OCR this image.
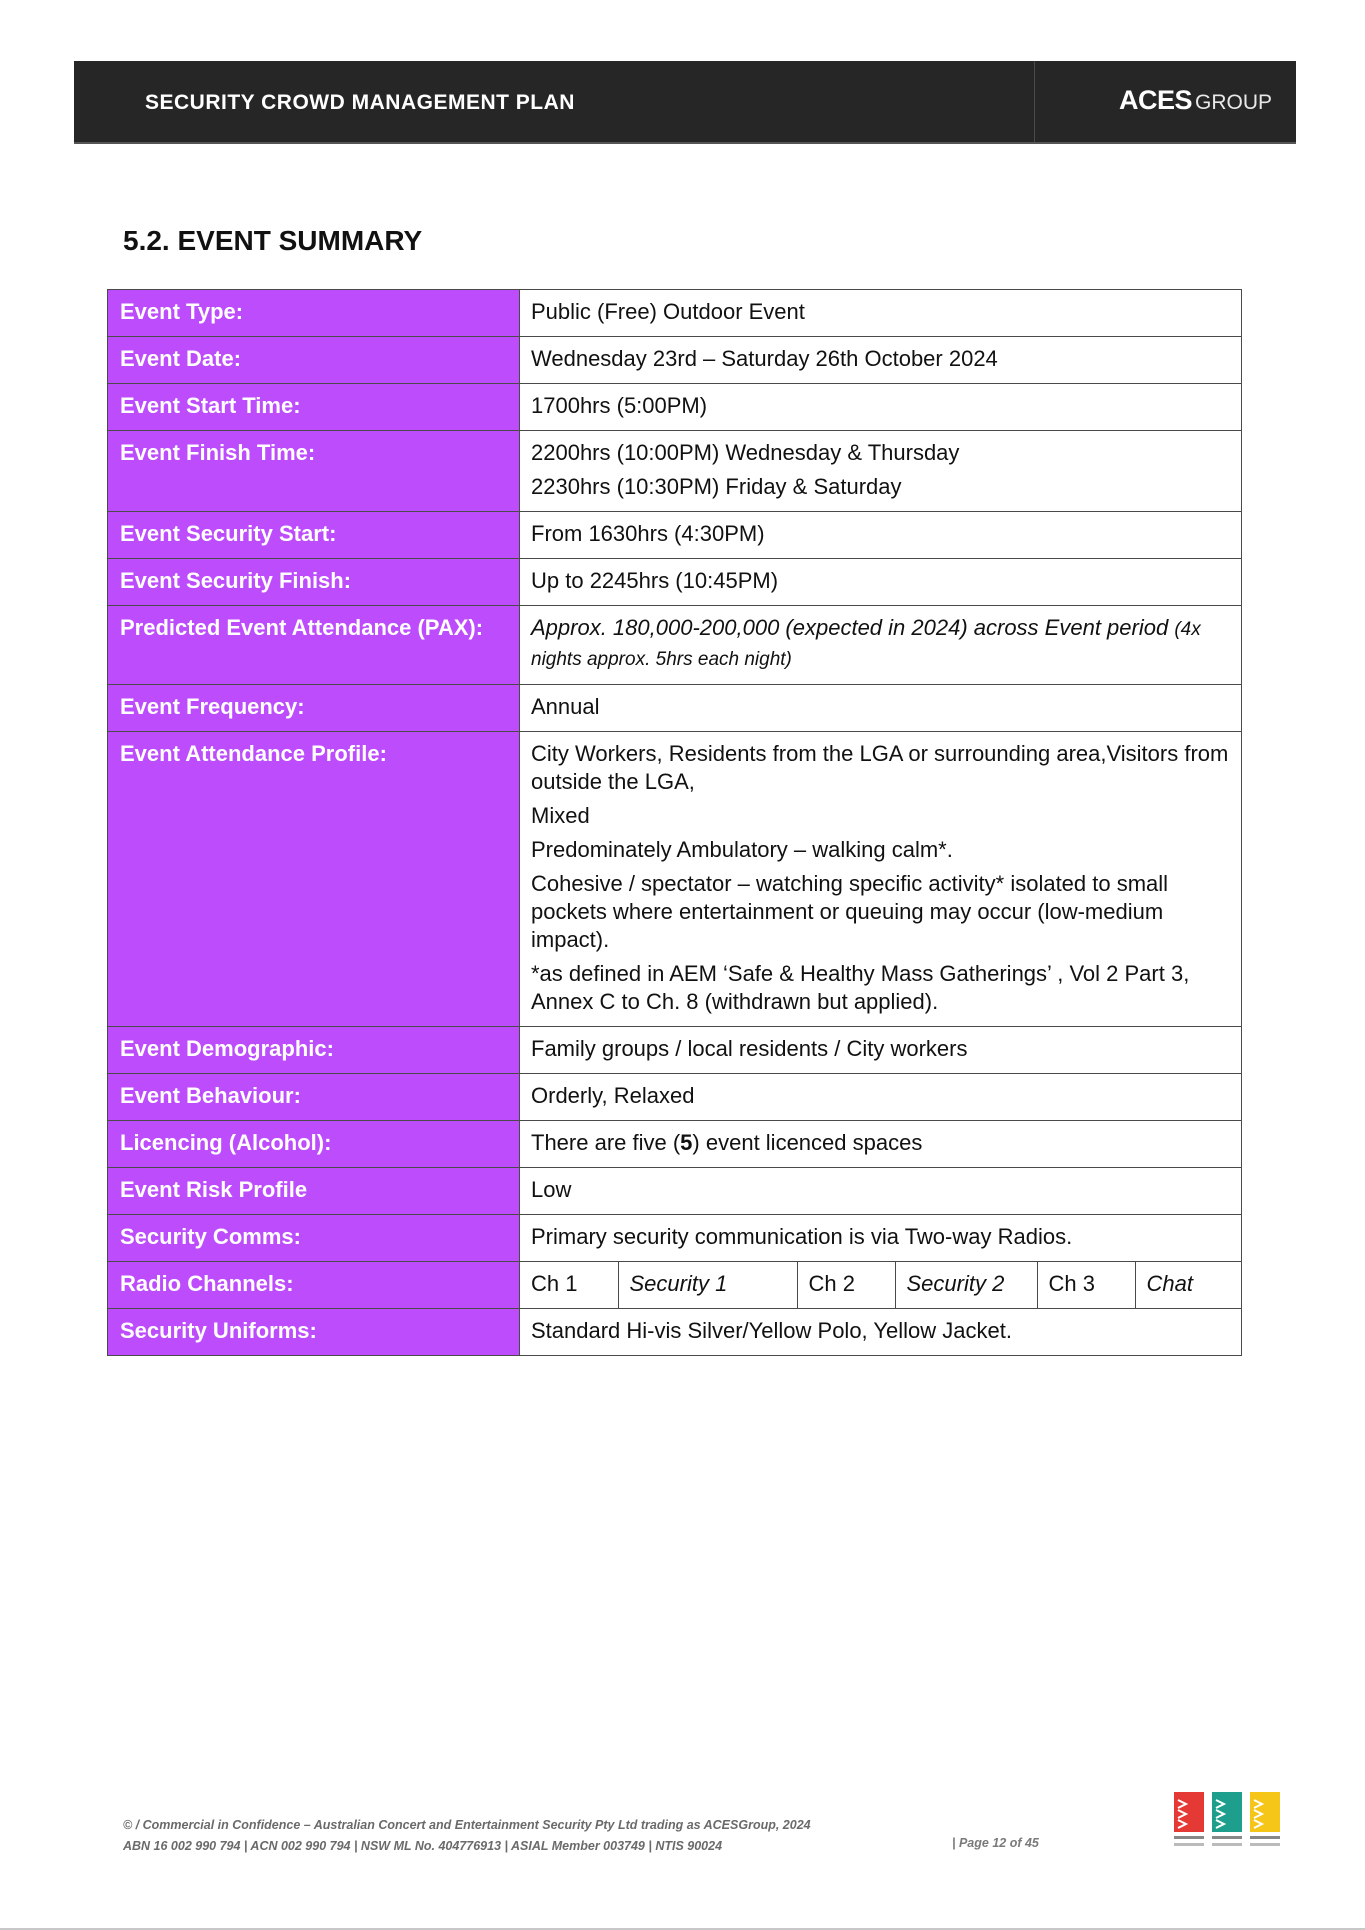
SECURITY CROWD MANAGEMENT PLAN	ACES GROUP
5.2. EVENT SUMMARY
Event Type:	Public (Free) Outdoor Event
Event Date:	Wednesday 23rd – Saturday 26th October 2024
Event Start Time:	1700hrs (5:00PM)
Event Finish Time:	2200hrs (10:00PM) Wednesday & Thursday

2230hrs (10:30PM) Friday & Saturday

Event Security Start:	From 1630hrs (4:30PM)
Event Security Finish:	Up to 2245hrs (10:45PM)
Predicted Event Attendance (PAX):	Approx. 180,000-200,000 (expected in 2024) across Event period (4x nights approx. 5hrs each night)
Event Frequency:	Annual
Event Attendance Profile:	City Workers, Residents from the LGA or surrounding area,Visitors from outside the LGA,

Mixed

Predominately Ambulatory – walking calm*.

Cohesive / spectator – watching specific activity* isolated to small pockets where entertainment or queuing may occur (low-medium impact).

*as defined in AEM ‘Safe & Healthy Mass Gatherings’ , Vol 2 Part 3, Annex C to Ch. 8 (withdrawn but applied).

Event Demographic:	Family groups / local residents / City workers
Event Behaviour:	Orderly, Relaxed
Licencing (Alcohol):	There are five (5) event licenced spaces
Event Risk Profile	Low
Security Comms:	Primary security communication is via Two-way Radios.
Radio Channels:		Ch 1	Security 1	Ch 2	Security 2	Ch 3	Chat

Security Uniforms:	Standard Hi-vis Silver/Yellow Polo, Yellow Jacket.
© / Commercial in Confidence – Australian Concert and Entertainment Security Pty Ltd trading as ACESGroup, 2024
ABN 16 002 990 794 | ACN 002 990 794 | NSW ML No. 404776913 | ASIAL Member 003749 | NTIS 90024	| Page 12 of 45
